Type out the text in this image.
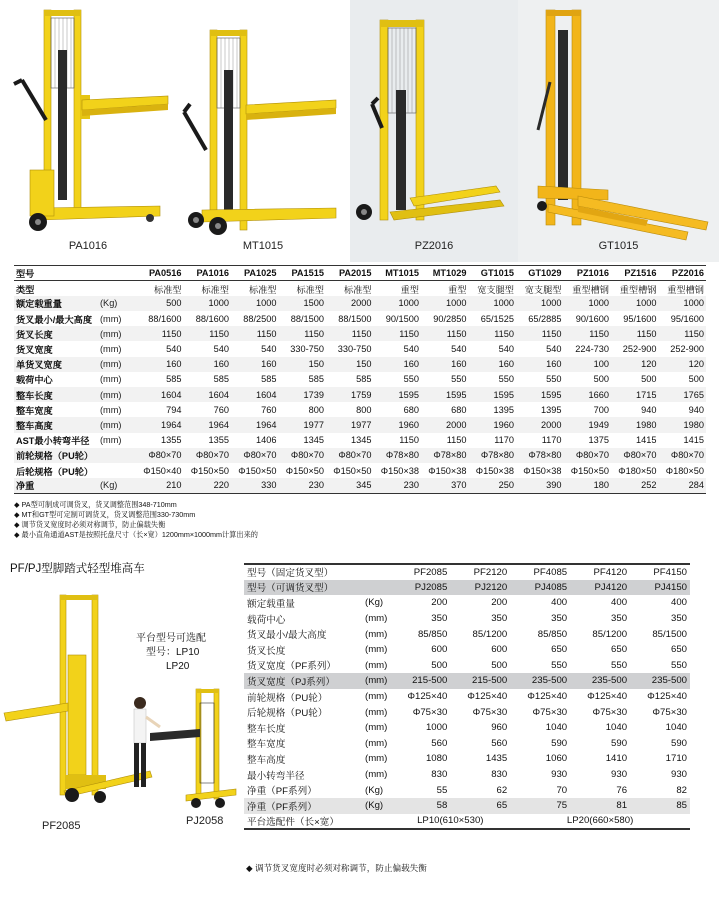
PA1016	MT1015	PZ2016	GT1015
型号		PA0516	PA1016	PA1025	PA1515	PA2015	MT1015	MT1029	GT1015	GT1029	PZ1016	PZ1516	PZ2016
类型		标准型	标准型	标准型	标准型	标准型	重型	重型	宽支腿型	宽支腿型	重型槽钢	重型槽钢	重型槽钢
额定载重量	(Kg)	500	1000	1000	1500	2000	1000	1000	1000	1000	1000	1000	1000
货叉最小/最大高度	(mm)	88/1600	88/1600	88/2500	88/1500	88/1500	90/1500	90/2850	65/1525	65/2885	90/1600	95/1600	95/1600
货叉长度	(mm)	1150	1150	1150	1150	1150	1150	1150	1150	1150	1150	1150	1150
货叉宽度	(mm)	540	540	540	330-750	330-750	540	540	540	540	224-730	252-900	252-900
单货叉宽度	(mm)	160	160	160	150	150	160	160	160	160	100	120	120
载荷中心	(mm)	585	585	585	585	585	550	550	550	550	500	500	500
整车长度	(mm)	1604	1604	1604	1739	1759	1595	1595	1595	1595	1660	1715	1765
整车宽度	(mm)	794	760	760	800	800	680	680	1395	1395	700	940	940
整车高度	(mm)	1964	1964	1964	1977	1977	1960	2000	1960	2000	1949	1980	1980
AST最小转弯半径	(mm)	1355	1355	1406	1345	1345	1150	1150	1170	1170	1375	1415	1415
前轮规格（PU轮）		Φ80×70	Φ80×70	Φ80×70	Φ80×70	Φ80×70	Φ78×80	Φ78×80	Φ78×80	Φ78×80	Φ80×70	Φ80×70	Φ80×70
后轮规格（PU轮）		Φ150×40	Φ150×50	Φ150×50	Φ150×50	Φ150×50	Φ150×38	Φ150×38	Φ150×38	Φ150×38	Φ150×50	Φ180×50	Φ180×50
净重	(Kg)	210	220	330	230	345	230	370	250	390	180	252	284
◆ PA型可制成可调货叉，货叉调整范围348-710mm
◆ MT和GT型可定制可调货叉，货叉调整范围330-730mm
◆ 调节货叉宽度时必须对称调节，防止偏载失衡
◆ 最小直角通道AST是按照托盘尺寸（长×宽）1200mm×1000mm计算出来的
PF/PJ型脚踏式轻型堆高车
平台型号可选配
型号：LP10
LP20
PF2085	PJ2058
型号（固定货叉型）		PF2085	PF2120	PF4085	PF4120	PF4150
型号（可调货叉型）		PJ2085	PJ2120	PJ4085	PJ4120	PJ4150
额定载重量	(Kg)	200	200	400	400	400
载荷中心	(mm)	350	350	350	350	350
货叉最小/最大高度	(mm)	85/850	85/1200	85/850	85/1200	85/1500
货叉长度	(mm)	600	600	650	650	650
货叉宽度（PF系列）	(mm)	500	500	550	550	550
货叉宽度（PJ系列）	(mm)	215-500	215-500	235-500	235-500	235-500
前轮规格（PU轮）	(mm)	Φ125×40	Φ125×40	Φ125×40	Φ125×40	Φ125×40
后轮规格（PU轮）	(mm)	Φ75×30	Φ75×30	Φ75×30	Φ75×30	Φ75×30
整车长度	(mm)	1000	960	1040	1040	1040
整车宽度	(mm)	560	560	590	590	590
整车高度	(mm)	1080	1435	1060	1410	1710
最小转弯半径	(mm)	830	830	930	930	930
净重（PF系列）	(Kg)	55	62	70	76	82
净重（PF系列）	(Kg)	58	65	75	81	85
平台选配件（长×宽）		LP10(610×530)		LP20(660×580)		
◆ 调节货叉宽度时必须对称调节，防止偏载失衡
